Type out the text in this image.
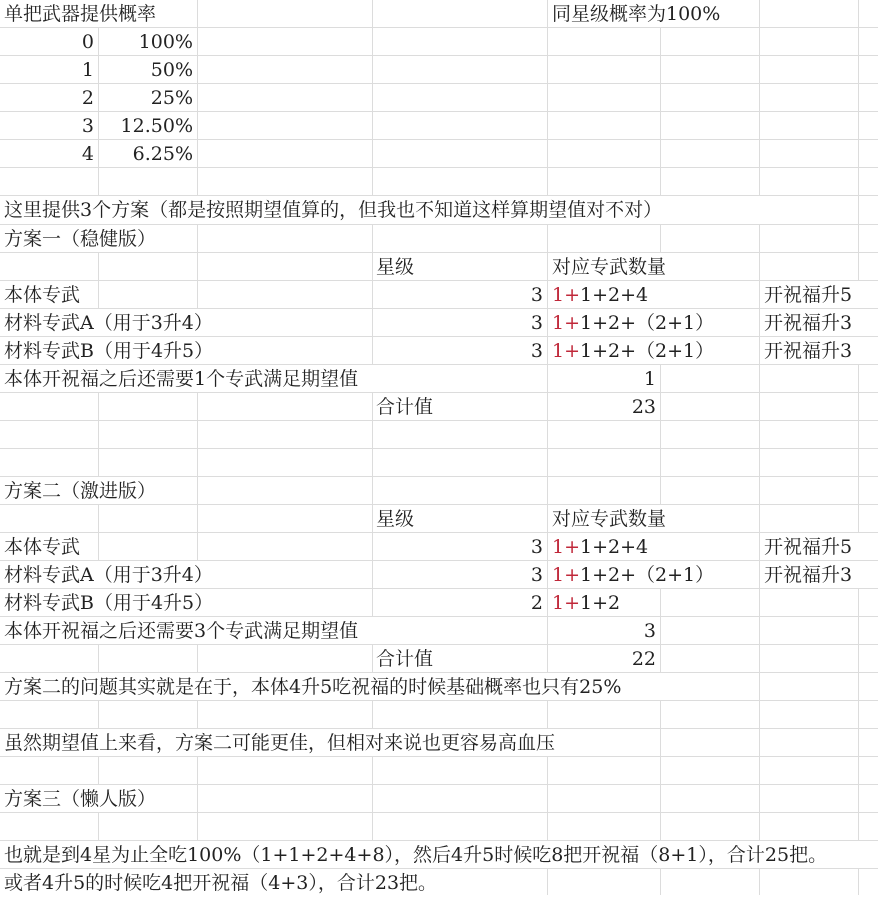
单把武器提供概率	同星级概率为100%
0	100%
1	50%
2	25%
3	12.50%
4	6.25%
这里提供3个方案（都是按照期望值算的，但我也不知道这样算期望值对不对）
方案一（稳健版）
星级	对应专武数量
本体专武	3 1+1+2+4	开祝福升5
材料专武A（用于3升4）	3 1+1+2+（2+1）	开祝福升3
材料专武B（用于4升5）	3 1+1+2+（2+1）	开祝福升3
本体开祝福之后还需要1个专武满足期望值	1
合计值	23
方案二（激进版）
星级	对应专武数量
本体专武	3 1+1+2+4	开祝福升5
材料专武A（用于3升4）	3 1+1+2+（2+1）	开祝福升3
材料专武B（用于4升5）	2 1+1+2
本体开祝福之后还需要3个专武满足期望值	3
合计值	22
方案二的问题其实就是在于，本体4升5吃祝福的时候基础概率也只有25%
虽然期望值上来看，方案二可能更佳，但相对来说也更容易高血压
方案三（懒人版）
也就是到4星为止全吃100%（1+1+2+4+8），然后4升5时候吃8把开祝福（8+1），合计25把。
或者4升5的时候吃4把开祝福（4+3），合计23把。
